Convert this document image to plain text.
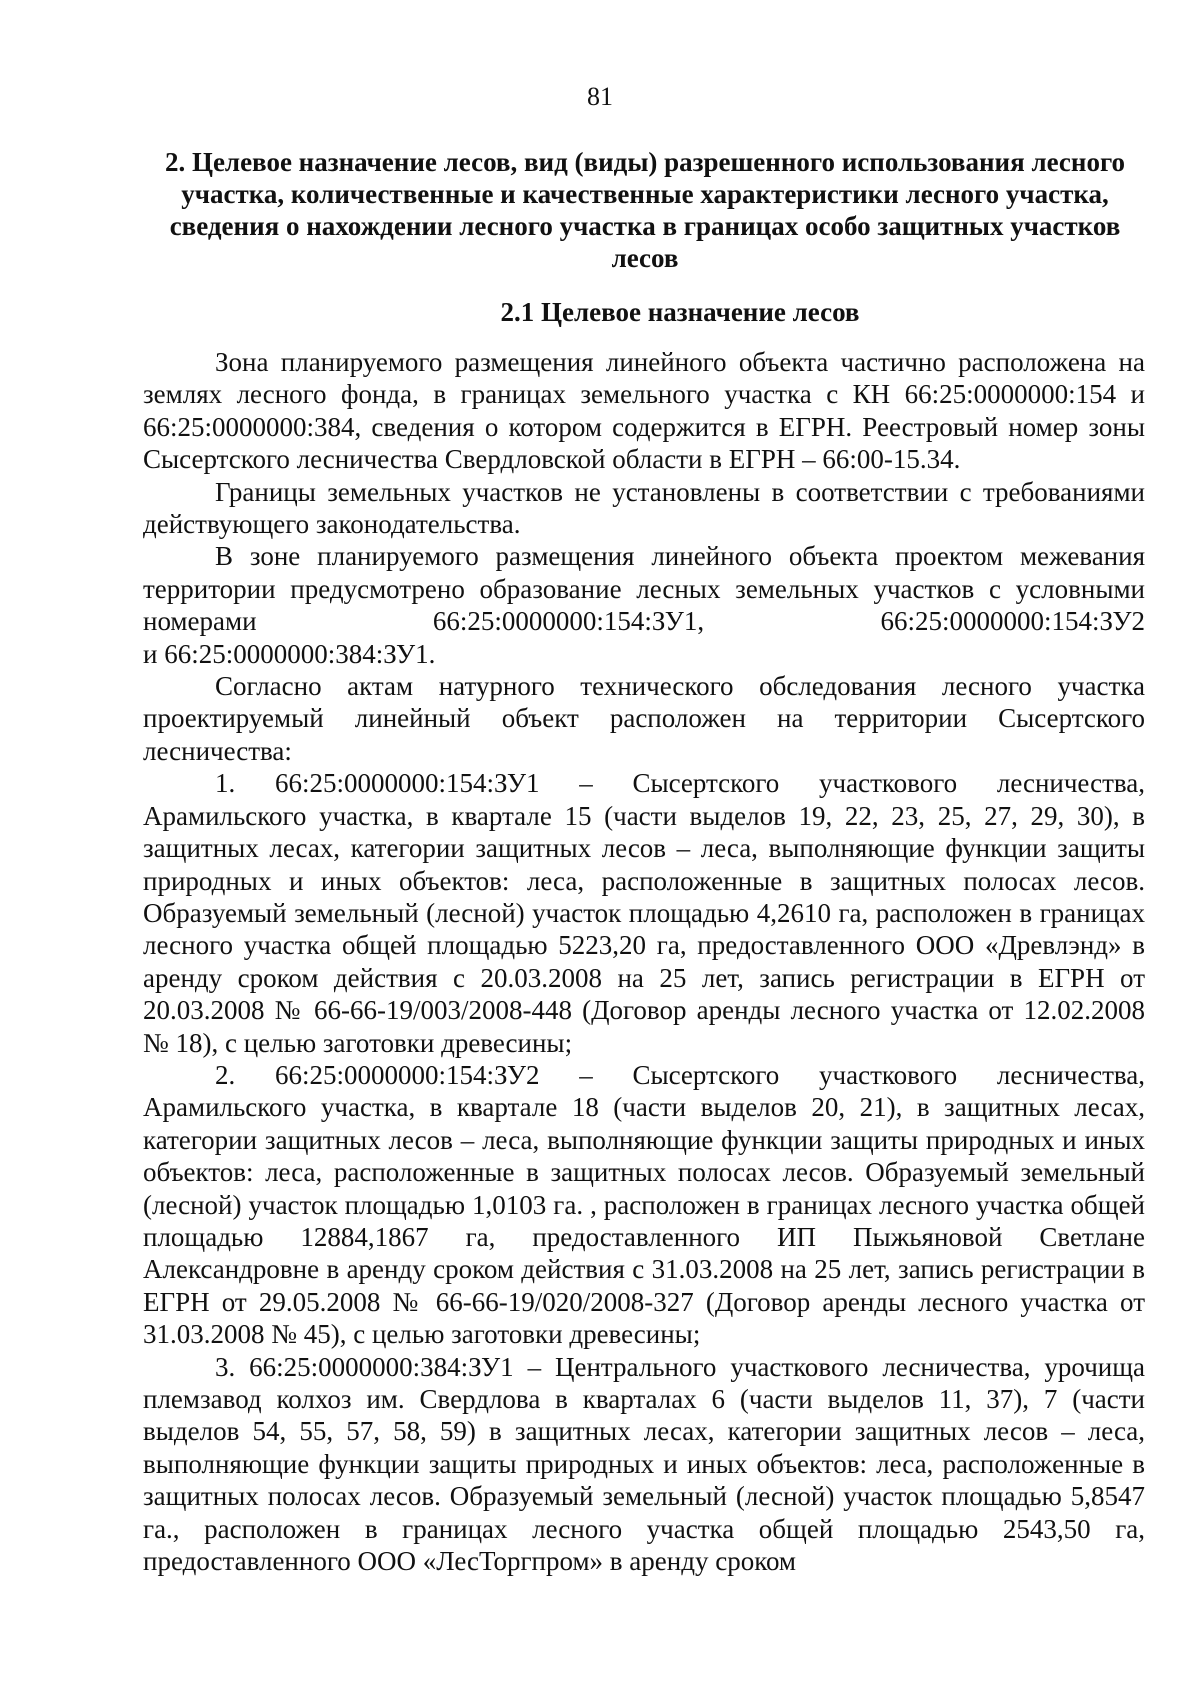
81
2. Целевое назначение лесов, вид (виды) разрешенного использования лесного участка, количественные и качественные характеристики лесного участка, сведения о нахождении лесного участка в границах особо защитных участков лесов
2.1 Целевое назначение лесов

Зона планируемого размещения линейного объекта частично расположена на землях лесного фонда, в границах земельного участка с КН 66:25:0000000:154 и 66:25:0000000:384, сведения о котором содержится в ЕГРН. Реестровый номер зоны Сысертского лесничества Свердловской области в ЕГРН – 66:00-15.34.

Границы земельных участков не установлены в соответствии с требованиями действующего законодательства.

В зоне планируемого размещения линейного объекта проектом межевания территории предусмотрено образование лесных земельных участков с условными номерами 66:25:0000000:154:ЗУ1, 66:25:0000000:154:ЗУ2

и 66:25:0000000:384:ЗУ1.

Согласно актам натурного технического обследования лесного участка проектируемый линейный объект расположен на территории Сысертского лесничества:

1. 66:25:0000000:154:ЗУ1 – Сысертского участкового лесничества, Арамильского участка, в квартале 15 (части выделов 19, 22, 23, 25, 27, 29, 30), в защитных лесах, категории защитных лесов – леса, выполняющие функции защиты природных и иных объектов: леса, расположенные в защитных полосах лесов. Образуемый земельный (лесной) участок площадью 4,2610 га, расположен в границах лесного участка общей площадью 5223,20 га, предоставленного ООО «Древлэнд» в аренду сроком действия с 20.03.2008 на 25 лет, запись регистрации в ЕГРН от 20.03.2008 № 66-66-19/003/2008-448 (Договор аренды лесного участка от 12.02.2008 № 18), с целью заготовки древесины;

2. 66:25:0000000:154:ЗУ2 – Сысертского участкового лесничества, Арамильского участка, в квартале 18 (части выделов 20, 21), в защитных лесах, категории защитных лесов – леса, выполняющие функции защиты природных и иных объектов: леса, расположенные в защитных полосах лесов. Образуемый земельный (лесной) участок площадью 1,0103 га. , расположен в границах лесного участка общей площадью 12884,1867 га, предоставленного ИП Пыжьяновой Светлане Александровне в аренду сроком действия с 31.03.2008 на 25 лет, запись регистрации в ЕГРН от 29.05.2008 № 66-66-19/020/2008-327 (Договор аренды лесного участка от 31.03.2008 № 45), с целью заготовки древесины;

3. 66:25:0000000:384:ЗУ1 – Центрального участкового лесничества, урочища племзавод колхоз им. Свердлова в кварталах 6 (части выделов 11, 37), 7 (части выделов 54, 55, 57, 58, 59) в защитных лесах, категории защитных лесов – леса, выполняющие функции защиты природных и иных объектов: леса, расположенные в защитных полосах лесов. Образуемый земельный (лесной) участок площадью 5,8547 га., расположен в границах лесного участка общей площадью 2543,50 га, предоставленного ООО «ЛесТоргпром» в аренду сроком
